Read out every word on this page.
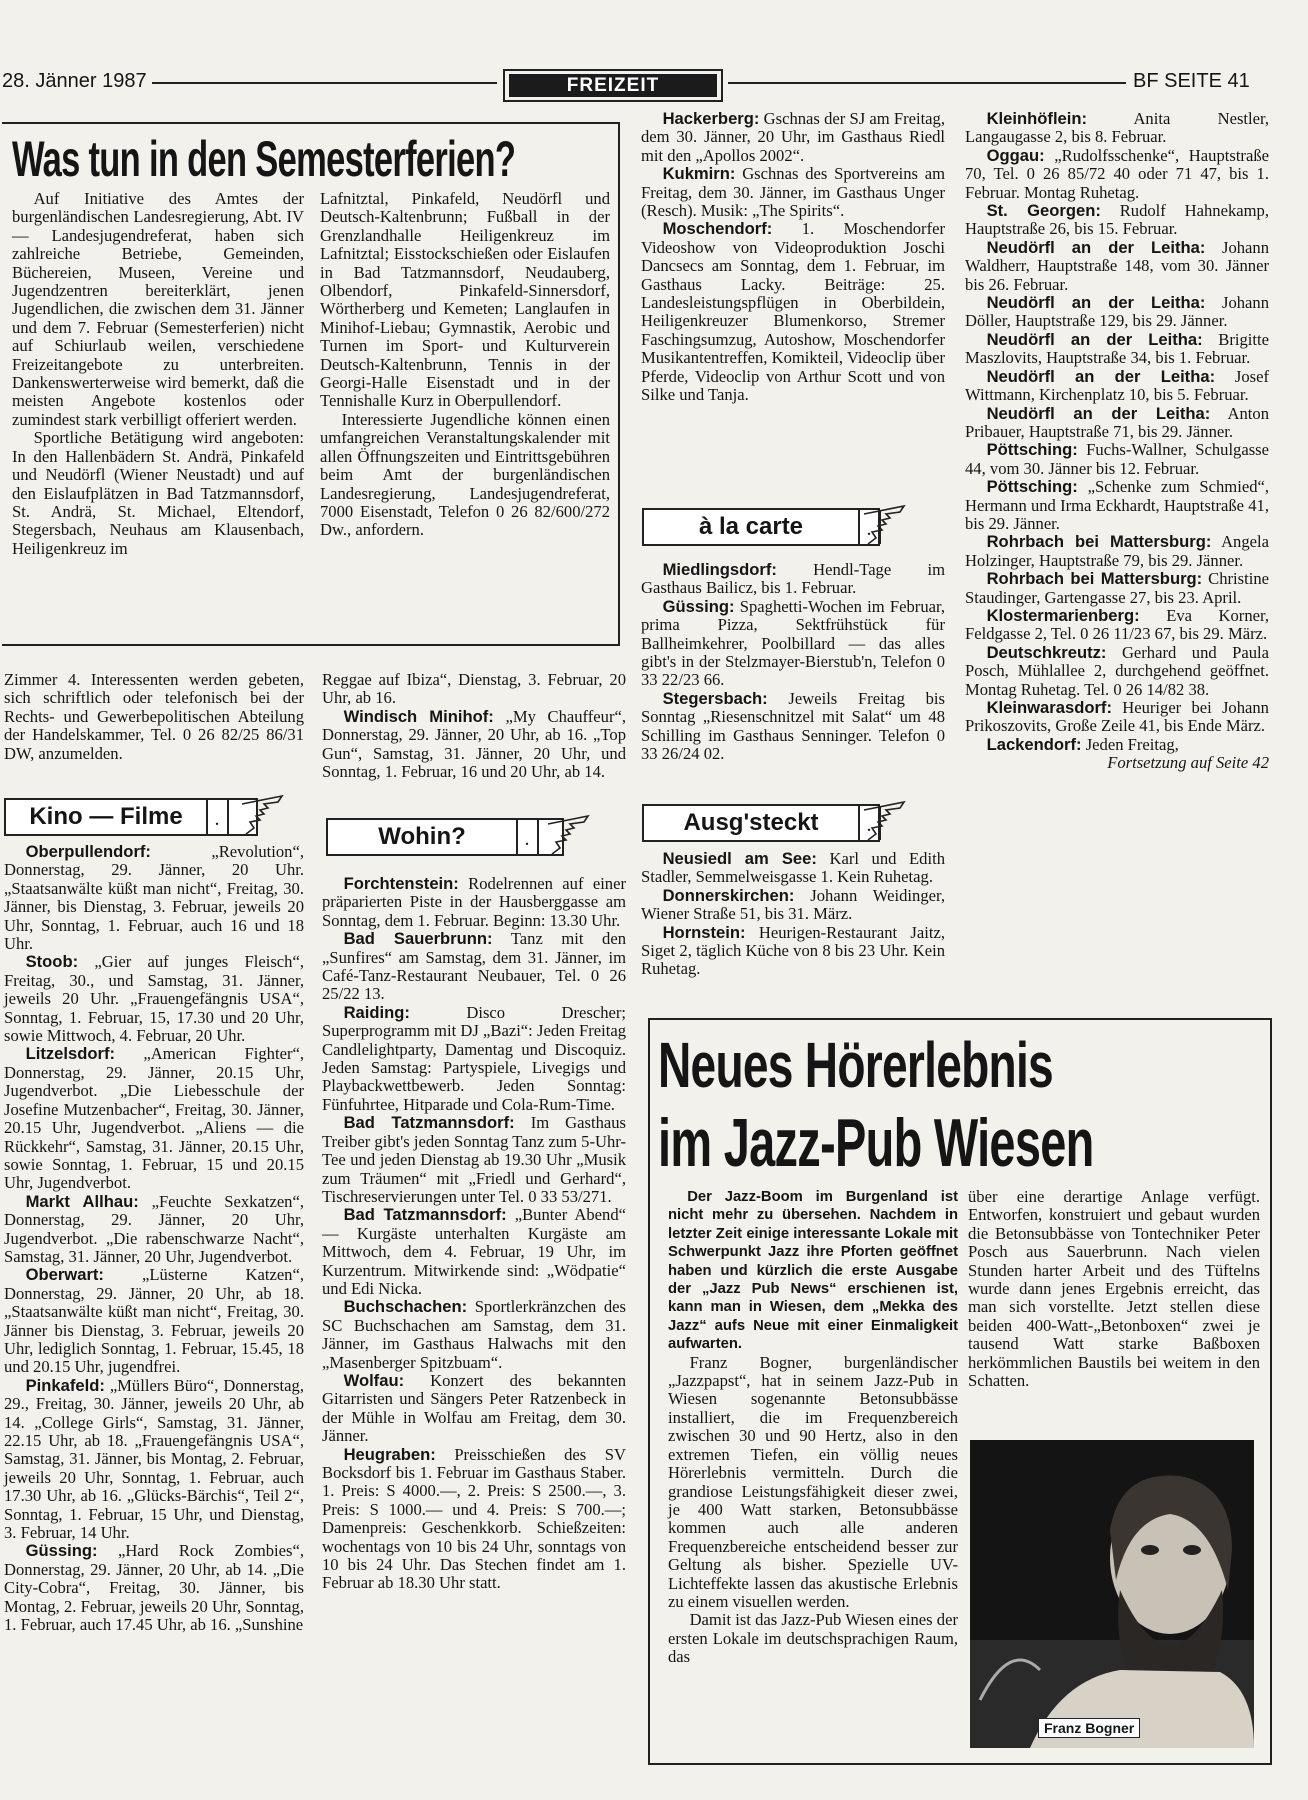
28. Jänner 1987	FREIZEIT	BF SEITE 41
Was tun in den Semesterferien?

Auf Initiative des Amtes der burgenländischen Landesregierung, Abt. IV — Landesjugendreferat, haben sich zahlreiche Betriebe, Gemeinden, Büchereien, Museen, Vereine und Jugendzentren bereiterklärt, jenen Jugendlichen, die zwischen dem 31. Jänner und dem 7. Februar (Semesterferien) nicht auf Schiurlaub weilen, verschiedene Freizeitangebote zu unterbreiten. Dankenswerterweise wird bemerkt, daß die meisten Angebote kostenlos oder zumindest stark verbilligt offeriert werden.

Sportliche Betätigung wird angeboten: In den Hallenbädern St. Andrä, Pinkafeld und Neudörfl (Wiener Neustadt) und auf den Eislaufplätzen in Bad Tatzmannsdorf, St. Andrä, St. Michael, Eltendorf, Stegersbach, Neuhaus am Klausenbach, Heiligenkreuz im

Lafnitztal, Pinkafeld, Neudörfl und Deutsch-Kaltenbrunn; Fußball in der Grenzlandhalle Heiligenkreuz im Lafnitztal; Eisstockschießen oder Eislaufen in Bad Tatzmannsdorf, Neudauberg, Olbendorf, Pinkafeld-Sinnersdorf, Wörtherberg und Kemeten; Langlaufen in Minihof-Liebau; Gymnastik, Aerobic und Turnen im Sport- und Kulturverein Deutsch-Kaltenbrunn, Tennis in der Georgi-Halle Eisenstadt und in der Tennishalle Kurz in Oberpullendorf.

Interessierte Jugendliche können einen umfangreichen Veranstaltungskalender mit allen Öffnungszeiten und Eintrittsgebühren beim Amt der burgenländischen Landesregierung, Landesjugendreferat, 7000 Eisenstadt, Telefon 0 26 82/600/272 Dw., anfordern.

Zimmer 4. Interessenten werden gebeten, sich schriftlich oder telefonisch bei der Rechts- und Gewerbepolitischen Abteilung der Handelskammer, Tel. 0 26 82/25 86/31 DW, anzumelden.

Kino — Filme	.

Oberpullendorf:	„Revolution“, Donnerstag, 29. Jänner, 20 Uhr. „Staatsanwälte küßt man nicht“, Freitag, 30. Jänner, bis Dienstag, 3. Februar, jeweils 20 Uhr, Sonntag, 1. Februar, auch 16 und 18 Uhr.

Stoob: „Gier auf junges Fleisch“, Freitag, 30., und Samstag, 31. Jänner, jeweils 20 Uhr. „Frauengefängnis USA“, Sonntag, 1. Februar, 15, 17.30 und 20 Uhr, sowie Mittwoch, 4. Februar, 20 Uhr.

Litzelsdorf: „American Fighter“, Donnerstag, 29. Jänner, 20.15 Uhr, Jugendverbot. „Die Liebesschule der Josefine Mutzenbacher“, Freitag, 30. Jänner, 20.15 Uhr, Jugendverbot. „Aliens — die Rückkehr“, Samstag, 31. Jänner, 20.15 Uhr, sowie Sonntag, 1. Februar, 15 und 20.15 Uhr, Jugendverbot.

Markt Allhau: „Feuchte Sexkatzen“, Donnerstag, 29. Jänner, 20 Uhr, Jugendverbot. „Die rabenschwarze Nacht“, Samstag, 31. Jänner, 20 Uhr, Jugendverbot.

Oberwart: „Lüsterne Katzen“, Donnerstag, 29. Jänner, 20 Uhr, ab 18. „Staatsanwälte küßt man nicht“, Freitag, 30. Jänner bis Dienstag, 3. Februar, jeweils 20 Uhr, lediglich Sonntag, 1. Februar, 15.45, 18 und 20.15 Uhr, jugendfrei.

Pinkafeld: „Müllers Büro“, Donnerstag, 29., Freitag, 30. Jänner, jeweils 20 Uhr, ab 14. „College Girls“, Samstag, 31. Jänner, 22.15 Uhr, ab 18. „Frauengefängnis USA“, Samstag, 31. Jänner, bis Montag, 2. Februar, jeweils 20 Uhr, Sonntag, 1. Februar, auch 17.30 Uhr, ab 16. „Glücks-Bärchis“, Teil 2“, Sonntag, 1. Februar, 15 Uhr, und Dienstag, 3. Februar, 14 Uhr.

Güssing: „Hard Rock Zombies“, Donnerstag, 29. Jänner, 20 Uhr, ab 14. „Die City-Cobra“, Freitag, 30. Jänner, bis Montag, 2. Februar, jeweils 20 Uhr, Sonntag, 1. Februar, auch 17.45 Uhr, ab 16. „Sunshine

Reggae auf Ibiza“, Dienstag, 3. Februar, 20 Uhr, ab 16.

Windisch Minihof: „My Chauffeur“, Donnerstag, 29. Jänner, 20 Uhr, ab 16. „Top Gun“, Samstag, 31. Jänner, 20 Uhr, und Sonntag, 1. Februar, 16 und 20 Uhr, ab 14.

Wohin?	.

Forchtenstein: Rodelrennen auf einer präparierten Piste in der Hausberggasse am Sonntag, dem 1. Februar. Beginn: 13.30 Uhr.

Bad Sauerbrunn: Tanz mit den „Sunfires“ am Samstag, dem 31. Jänner, im Café-Tanz-Restaurant Neubauer, Tel. 0 26 25/22 13.

Raiding:	Disco Drescher; Superprogramm mit DJ „Bazi“: Jeden Freitag Candlelightparty, Damentag und Discoquiz. Jeden Samstag: Partyspiele, Livegigs und Playbackwettbewerb. Jeden Sonntag: Fünfuhrtee, Hitparade und Cola-Rum-Time.

Bad Tatzmannsdorf: Im Gasthaus Treiber gibt's jeden Sonntag Tanz zum 5-Uhr-Tee und jeden Dienstag ab 19.30 Uhr „Musik zum Träumen“ mit „Friedl und Gerhard“, Tischreservierungen unter Tel. 0 33 53/271.

Bad Tatzmannsdorf: „Bunter Abend“ — Kurgäste unterhalten Kurgäste am Mittwoch, dem 4. Februar, 19 Uhr, im Kurzentrum. Mitwirkende sind: „Wödpatie“ und Edi Nicka.

Buchschachen: Sportlerkränzchen des SC Buchschachen am Samstag, dem 31. Jänner, im Gasthaus Halwachs mit den „Masenberger Spitzbuam“.

Wolfau: Konzert des bekannten Gitarristen und Sängers Peter Ratzenbeck in der Mühle in Wolfau am Freitag, dem 30. Jänner.

Heugraben: Preisschießen des SV Bocksdorf bis 1. Februar im Gasthaus Staber. 1. Preis: S 4000.—, 2. Preis: S 2500.—, 3. Preis: S 1000.— und 4. Preis: S 700.—; Damenpreis: Geschenkkorb. Schießzeiten: wochentags von 10 bis 24 Uhr, sonntags von 10 bis 24 Uhr. Das Stechen findet am 1. Februar ab 18.30 Uhr statt.

Hackerberg: Gschnas der SJ am Freitag, dem 30. Jänner, 20 Uhr, im Gasthaus Riedl mit den „Apollos 2002“.

Kukmirn: Gschnas des Sportvereins am Freitag, dem 30. Jänner, im Gasthaus Unger (Resch). Musik: „The Spirits“.

Moschendorf: 1. Moschendorfer Videoshow von Videoproduktion Joschi Dancsecs am Sonntag, dem 1. Februar, im Gasthaus Lacky. Beiträge: 25. Landesleistungspflügen in Oberbildein, Heiligenkreuzer Blumenkorso, Stremer Faschingsumzug, Autoshow, Moschendorfer Musikantentreffen, Komikteil, Videoclip über Pferde, Videoclip von Arthur Scott und von Silke und Tanja.

à la carte	.

Miedlingsdorf: Hendl-Tage im Gasthaus Bailicz, bis 1. Februar.

Güssing: Spaghetti-Wochen im Februar, prima Pizza, Sektfrühstück für Ballheimkehrer, Poolbillard — das alles gibt's in der Stelzmayer-Bierstub'n, Telefon 0 33 22/23 66.

Stegersbach: Jeweils Freitag bis Sonntag „Riesenschnitzel mit Salat“ um 48 Schilling im Gasthaus Senninger. Telefon 0 33 26/24 02.

Ausg'steckt	.

Neusiedl am See: Karl und Edith Stadler, Semmelweisgasse 1. Kein Ruhetag.

Donnerskirchen: Johann Weidinger, Wiener Straße 51, bis 31. März.

Hornstein: Heurigen-Restaurant Jaitz, Siget 2, täglich Küche von 8 bis 23 Uhr. Kein Ruhetag.

Kleinhöflein:	Anita Nestler, Langaugasse 2, bis 8. Februar.

Oggau: „Rudolfsschenke“, Hauptstraße 70, Tel. 0 26 85/72 40 oder 71 47, bis 1. Februar. Montag Ruhetag.

St. Georgen: Rudolf Hahnekamp, Hauptstraße 26, bis 15. Februar.

Neudörfl an der Leitha: Johann Waldherr, Hauptstraße 148, vom 30. Jänner bis 26. Februar.

Neudörfl an der Leitha: Johann Döller, Hauptstraße 129, bis 29. Jänner.

Neudörfl an der Leitha: Brigitte Maszlovits, Hauptstraße 34, bis 1. Februar.

Neudörfl an der Leitha: Josef Wittmann, Kirchenplatz 10, bis 5. Februar.

Neudörfl an der Leitha: Anton Pribauer, Hauptstraße 71, bis 29. Jänner.

Pöttsching: Fuchs-Wallner, Schulgasse 44, vom 30. Jänner bis 12. Februar.

Pöttsching: „Schenke zum Schmied“, Hermann und Irma Eckhardt, Hauptstraße 41, bis 29. Jänner.

Rohrbach bei Mattersburg: Angela Holzinger, Hauptstraße 79, bis 29. Jänner.

Rohrbach bei Mattersburg: Christine Staudinger, Gartengasse 27, bis 23. April.

Klostermarienberg: Eva Korner, Feldgasse 2, Tel. 0 26 11/23 67, bis 29. März.

Deutschkreutz: Gerhard und Paula Posch, Mühlallee 2, durchgehend geöffnet. Montag Ruhetag. Tel. 0 26 14/82 38.

Kleinwarasdorf: Heuriger bei Johann Prikoszovits, Große Zeile 41, bis Ende März.

Lackendorf: Jeden Freitag,

Fortsetzung auf Seite 42

Neues Hörerlebnis
im Jazz-Pub Wiesen

Der Jazz-Boom im Burgenland ist nicht mehr zu übersehen. Nachdem in letzter Zeit einige interessante Lokale mit Schwerpunkt Jazz ihre Pforten geöffnet haben und kürzlich die erste Ausgabe der „Jazz Pub News“ erschienen ist, kann man in Wiesen, dem „Mekka des Jazz“ aufs Neue mit einer Einmaligkeit aufwarten.

Franz Bogner, burgenländischer „Jazzpapst“, hat in seinem Jazz-Pub in Wiesen sogenannte Betonsubbässe installiert, die im Frequenzbereich zwischen 30 und 90 Hertz, also in den extremen Tiefen, ein völlig neues Hörerlebnis vermitteln. Durch die grandiose Leistungsfähigkeit dieser zwei, je 400 Watt starken, Betonsubbässe kommen auch alle anderen Frequenzbereiche entscheidend besser zur Geltung als bisher. Spezielle UV-Lichteffekte lassen das akustische Erlebnis zu einem visuellen werden.

Damit ist das Jazz-Pub Wiesen eines der ersten Lokale im deutschsprachigen Raum, das

über eine derartige Anlage verfügt. Entworfen, konstruiert und gebaut wurden die Betonsubbässe von Tontechniker Peter Posch aus Sauerbrunn. Nach vielen Stunden harter Arbeit und des Tüftelns wurde dann jenes Ergebnis erreicht, das man sich vorstellte. Jetzt stellen diese beiden 400-Watt-„Betonboxen“ zwei je tausend Watt starke Baßboxen herkömmlichen Baustils bei weitem in den Schatten.

Franz Bogner
